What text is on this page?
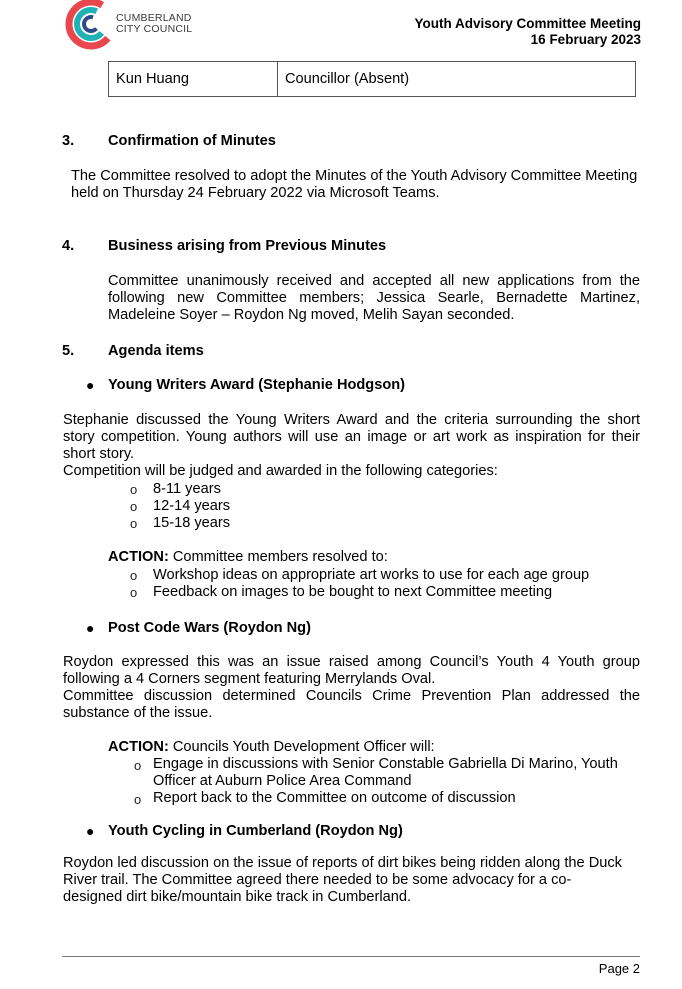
CUMBERLAND
CITY COUNCIL	Youth Advisory Committee Meeting
16 February 2023
Kun Huang	Councillor (Absent)
3. Confirmation of Minutes
The Committee resolved to adopt the Minutes of the Youth Advisory Committee Meeting
held on Thursday 24 February 2022 via Microsoft Teams.
4. Business arising from Previous Minutes
Committee unanimously received and accepted all new applications from the
following new Committee members; Jessica Searle, Bernadette Martinez,
Madeleine Soyer – Roydon Ng moved, Melih Sayan seconded.
5. Agenda items
● Young Writers Award (Stephanie Hodgson)
Stephanie discussed the Young Writers Award and the criteria surrounding the short
story competition. Young authors will use an image or art work as inspiration for their
short story.
Competition will be judged and awarded in the following categories:
o 8-11 years
o 12-14 years
o 15-18 years
ACTION: Committee members resolved to:
o Workshop ideas on appropriate art works to use for each age group
o Feedback on images to be bought to next Committee meeting
● Post Code Wars (Roydon Ng)
Roydon expressed this was an issue raised among Council’s Youth 4 Youth group
following a 4 Corners segment featuring Merrylands Oval.
Committee discussion determined Councils Crime Prevention Plan addressed the
substance of the issue.
ACTION: Councils Youth Development Officer will:
o Engage in discussions with Senior Constable Gabriella Di Marino, Youth
Officer at Auburn Police Area Command
o Report back to the Committee on outcome of discussion
● Youth Cycling in Cumberland (Roydon Ng)
Roydon led discussion on the issue of reports of dirt bikes being ridden along the Duck
River trail. The Committee agreed there needed to be some advocacy for a co-
designed dirt bike/mountain bike track in Cumberland.
Page 2
